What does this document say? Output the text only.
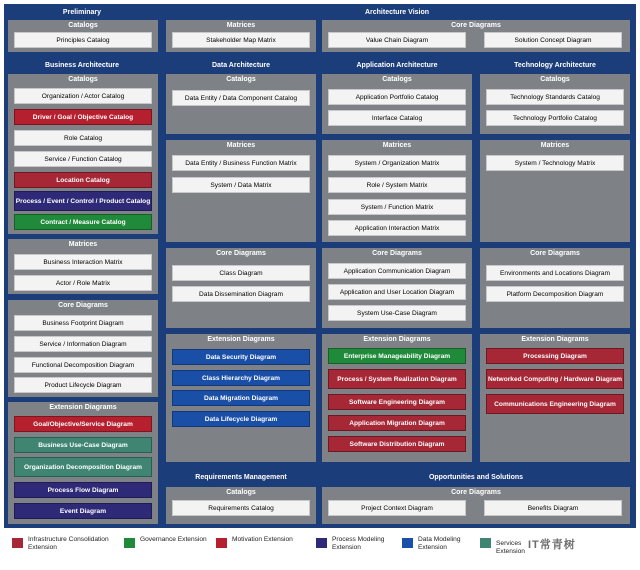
Preliminary
Catalogs
Principles Catalog
Architecture Vision
Matrices
Stakeholder Map Matrix
Core Diagrams
Value Chain Diagram	Solution Concept Diagram
Business Architecture
Catalogs
Organization / Actor Catalog
Driver / Goal / Objective Catalog
Role Catalog
Service / Function Catalog
Location Catalog
Process / Event / Control / Product Catalog
Contract / Measure Catalog
Matrices
Business Interaction Matrix
Actor / Role Matrix
Core Diagrams
Business Footprint Diagram
Service / Information Diagram
Functional Decomposition Diagram
Product Lifecycle Diagram
Extension Diagrams
Goal/Objective/Service Diagram
Business Use-Case Diagram
Organization Decomposition Diagram
Process Flow Diagram
Event Diagram
Data Architecture
Catalogs
Data Entity / Data Component Catalog
Matrices
Data Entity / Business Function Matrix
System / Data Matrix
Core Diagrams
Class Diagram
Data Dissemination Diagram
Extension Diagrams
Data Security Diagram
Class Hierarchy Diagram
Data Migration Diagram
Data Lifecycle Diagram
Application Architecture
Catalogs
Application Portfolio Catalog
Interface Catalog
Matrices
System / Organization Matrix
Role / System Matrix
System / Function Matrix
Application Interaction Matrix
Core Diagrams
Application Communication Diagram
Application and User Location Diagram
System Use-Case Diagram
Extension Diagrams
Enterprise Manageability Diagram
Process / System Realization Diagram
Software Engineering Diagram
Application Migration Diagram
Software Distribution Diagram
Technology Architecture
Catalogs
Technology Standards Catalog
Technology Portfolio Catalog
Matrices
System / Technology Matrix
Core Diagrams
Environments and Locations Diagram
Platform Decomposition Diagram
Extension Diagrams
Processing Diagram
Networked Computing / Hardware Diagram
Communications Engineering Diagram
Requirements Management
Catalogs
Requirements Catalog
Opportunities and Solutions
Core Diagrams
Project Context Diagram	Benefits Diagram
Infrastructure Consolidation Extension
Governance Extension	Motivation Extension	Process Modeling Extension
Data Modeling Extension
Services Extension
IT常青树
